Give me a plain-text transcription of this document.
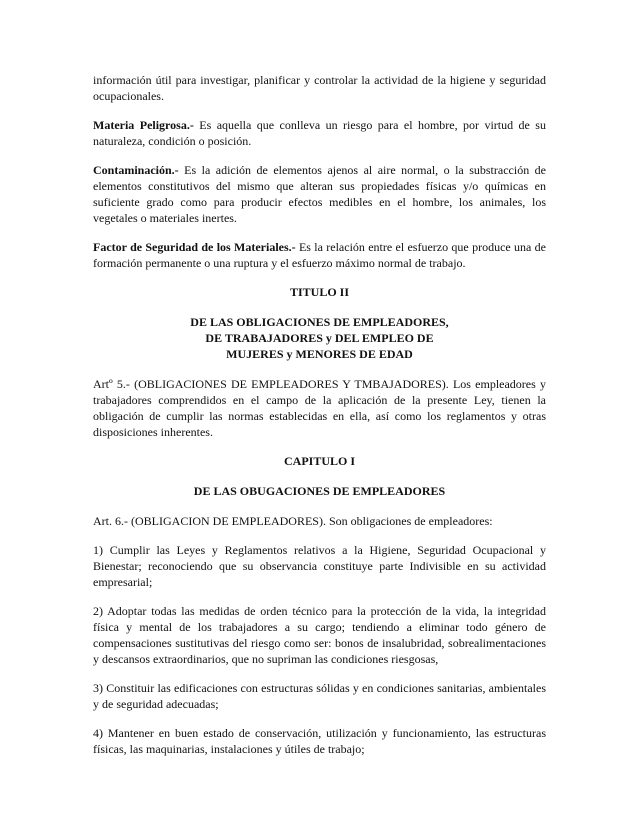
información útil para investigar, planificar y controlar la actividad de la higiene y seguridad ocupacionales.

Materia Peligrosa.- Es aquella que conlleva un riesgo para el hombre, por virtud de su naturaleza, condición o posición.

Contaminación.- Es la adición de elementos ajenos al aire normal, o la substracción de elementos constitutivos del mismo que alteran sus propiedades físicas y/o químicas en suficiente grado como para producir efectos medibles en el hombre, los animales, los vegetales o materiales inertes.

Factor de Seguridad de los Materiales.- Es la relación entre el esfuerzo que produce una de formación permanente o una ruptura y el esfuerzo máximo normal de trabajo.

TITULO II
DE LAS OBLIGACIONES DE EMPLEADORES,
DE TRABAJADORES y DEL EMPLEO DE
MUJERES y MENORES DE EDAD

Artº 5.- (OBLIGACIONES DE EMPLEADORES Y TMBAJADORES). Los empleadores y trabajadores comprendidos en el campo de la aplicación de la presente Ley, tienen la obligación de cumplir las normas establecidas en ella, así como los reglamentos y otras disposiciones inherentes.

CAPITULO I
DE LAS OBUGACIONES DE EMPLEADORES

Art. 6.- (OBLIGACION DE EMPLEADORES). Son obligaciones de empleadores:

1) Cumplir las Leyes y Reglamentos relativos a la Higiene, Seguridad Ocupacional y Bienestar; reconociendo que su observancia constituye parte Indivisible en su actividad empresarial;

2) Adoptar todas las medidas de orden técnico para la protección de la vida, la integridad física y mental de los trabajadores a su cargo; tendiendo a eliminar todo género de compensaciones sustitutivas del riesgo como ser: bonos de insalubridad, sobrealimentaciones y descansos extraordinarios, que no supriman las condiciones riesgosas,

3) Constituir las edificaciones con estructuras sólidas y en condiciones sanitarias, ambientales y de seguridad adecuadas;

4) Mantener en buen estado de conservación, utilización y funcionamiento, las estructuras físicas, las maquinarias, instalaciones y útiles de trabajo;
